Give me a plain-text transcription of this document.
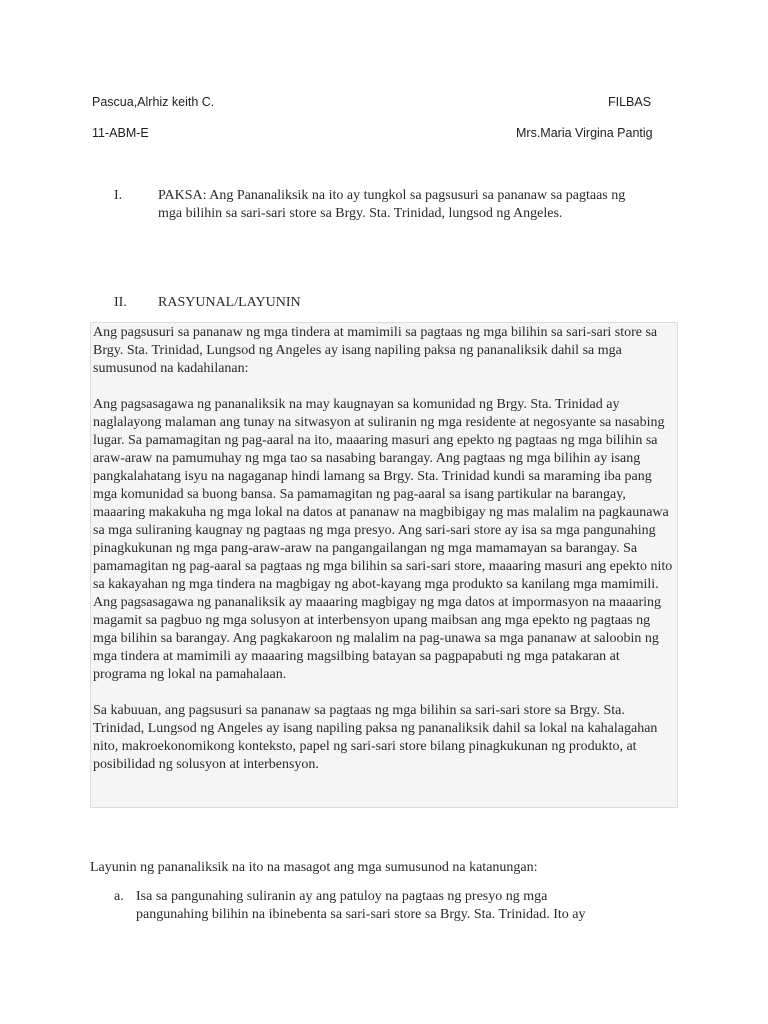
Pascua,Alrhiz keith C.	FILBAS
11-ABM-E	Mrs.Maria Virgina Pantig
I.	PAKSA: Ang Pananaliksik na ito ay tungkol sa pagsusuri sa pananaw sa pagtaas ng
mga bilihin sa sari-sari store sa Brgy. Sta. Trinidad, lungsod ng Angeles.
II. RASYUNAL/LAYUNIN

Ang pagsusuri sa pananaw ng mga tindera at mamimili sa pagtaas ng mga bilihin sa sari-sari store sa Brgy. Sta. Trinidad, Lungsod ng Angeles ay isang napiling paksa ng pananaliksik dahil sa mga sumusunod na kadahilanan:

Ang pagsasagawa ng pananaliksik na may kaugnayan sa komunidad ng Brgy. Sta. Trinidad ay naglalayong malaman ang tunay na sitwasyon at suliranin ng mga residente at negosyante sa nasabing lugar. Sa pamamagitan ng pag-aaral na ito, maaaring masuri ang epekto ng pagtaas ng mga bilihin sa araw-araw na pamumuhay ng mga tao sa nasabing barangay. Ang pagtaas ng mga bilihin ay isang pangkalahatang isyu na nagaganap hindi lamang sa Brgy. Sta. Trinidad kundi sa maraming iba pang mga komunidad sa buong bansa. Sa pamamagitan ng pag-aaral sa isang partikular na barangay, maaaring makakuha ng mga lokal na datos at pananaw na magbibigay ng mas malalim na pagkaunawa sa mga suliraning kaugnay ng pagtaas ng mga presyo. Ang sari-sari store ay isa sa mga pangunahing pinagkukunan ng mga pang-araw-araw na pangangailangan ng mga mamamayan sa barangay. Sa pamamagitan ng pag-aaral sa pagtaas ng mga bilihin sa sari-sari store, maaaring masuri ang epekto nito sa kakayahan ng mga tindera na magbigay ng abot-kayang mga produkto sa kanilang mga mamimili. Ang pagsasagawa ng pananaliksik ay maaaring magbigay ng mga datos at impormasyon na maaaring magamit sa pagbuo ng mga solusyon at interbensyon upang maibsan ang mga epekto ng pagtaas ng mga bilihin sa barangay. Ang pagkakaroon ng malalim na pag-unawa sa mga pananaw at saloobin ng mga tindera at mamimili ay maaaring magsilbing batayan sa pagpapabuti ng mga patakaran at programa ng lokal na pamahalaan.

Sa kabuuan, ang pagsusuri sa pananaw sa pagtaas ng mga bilihin sa sari-sari store sa Brgy. Sta. Trinidad, Lungsod ng Angeles ay isang napiling paksa ng pananaliksik dahil sa lokal na kahalagahan nito, makroekonomikong konteksto, papel ng sari-sari store bilang pinagkukunan ng produkto, at posibilidad ng solusyon at interbensyon.

Layunin ng pananaliksik na ito na masagot ang mga sumusunod na katanungan:
a. Isa sa pangunahing suliranin ay ang patuloy na pagtaas ng presyo ng mga
pangunahing bilihin na ibinebenta sa sari-sari store sa Brgy. Sta. Trinidad. Ito ay
